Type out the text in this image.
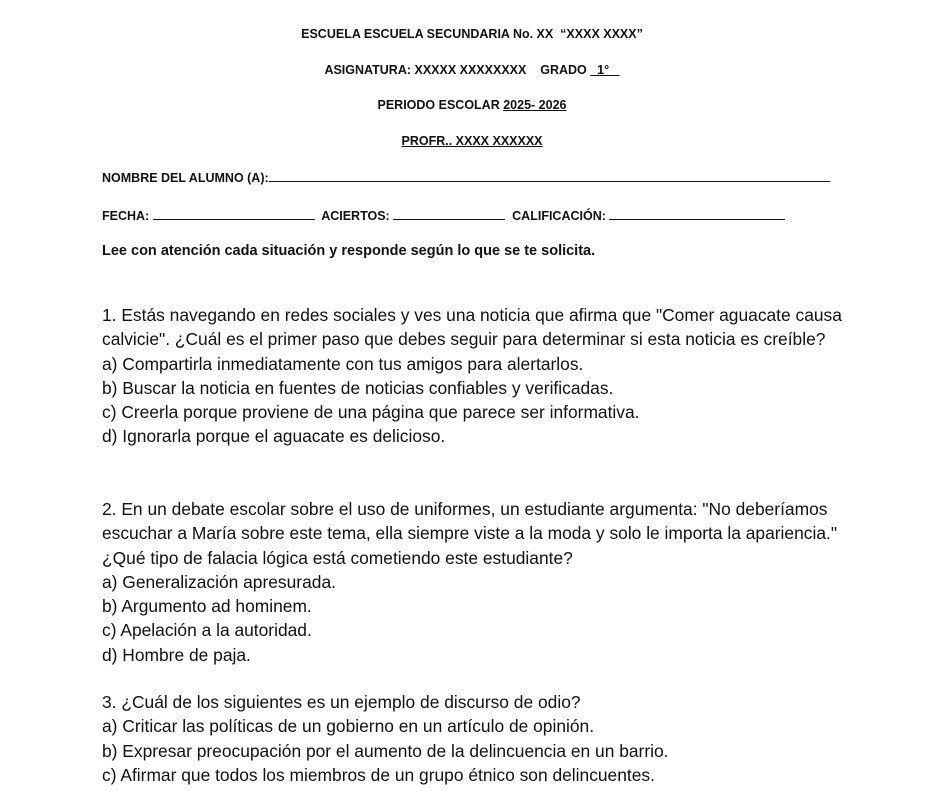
ESCUELA ESCUELA SECUNDARIA No. XX  “XXXX XXXX”
ASIGNATURA: XXXXX XXXXXXXX    GRADO   1°
PERIODO ESCOLAR 2025- 2026
PROFR.. XXXX XXXXXX
NOMBRE DEL ALUMNO (A):
FECHA:	ACIERTOS:	CALIFICACIÓN:
Lee con atención cada situación y responde según lo que se te solicita.
1. Estás navegando en redes sociales y ves una noticia que afirma que "Comer aguacate causa calvicie". ¿Cuál es el primer paso que debes seguir para determinar si esta noticia es creíble?
a) Compartirla inmediatamente con tus amigos para alertarlos.
b) Buscar la noticia en fuentes de noticias confiables y verificadas.
c) Creerla porque proviene de una página que parece ser informativa.
d) Ignorarla porque el aguacate es delicioso.
2. En un debate escolar sobre el uso de uniformes, un estudiante argumenta: "No deberíamos escuchar a María sobre este tema, ella siempre viste a la moda y solo le importa la apariencia." ¿Qué tipo de falacia lógica está cometiendo este estudiante?
a) Generalización apresurada.
b) Argumento ad hominem.
c) Apelación a la autoridad.
d) Hombre de paja.
3. ¿Cuál de los siguientes es un ejemplo de discurso de odio?
a) Criticar las políticas de un gobierno en un artículo de opinión.
b) Expresar preocupación por el aumento de la delincuencia en un barrio.
c) Afirmar que todos los miembros de un grupo étnico son delincuentes.
